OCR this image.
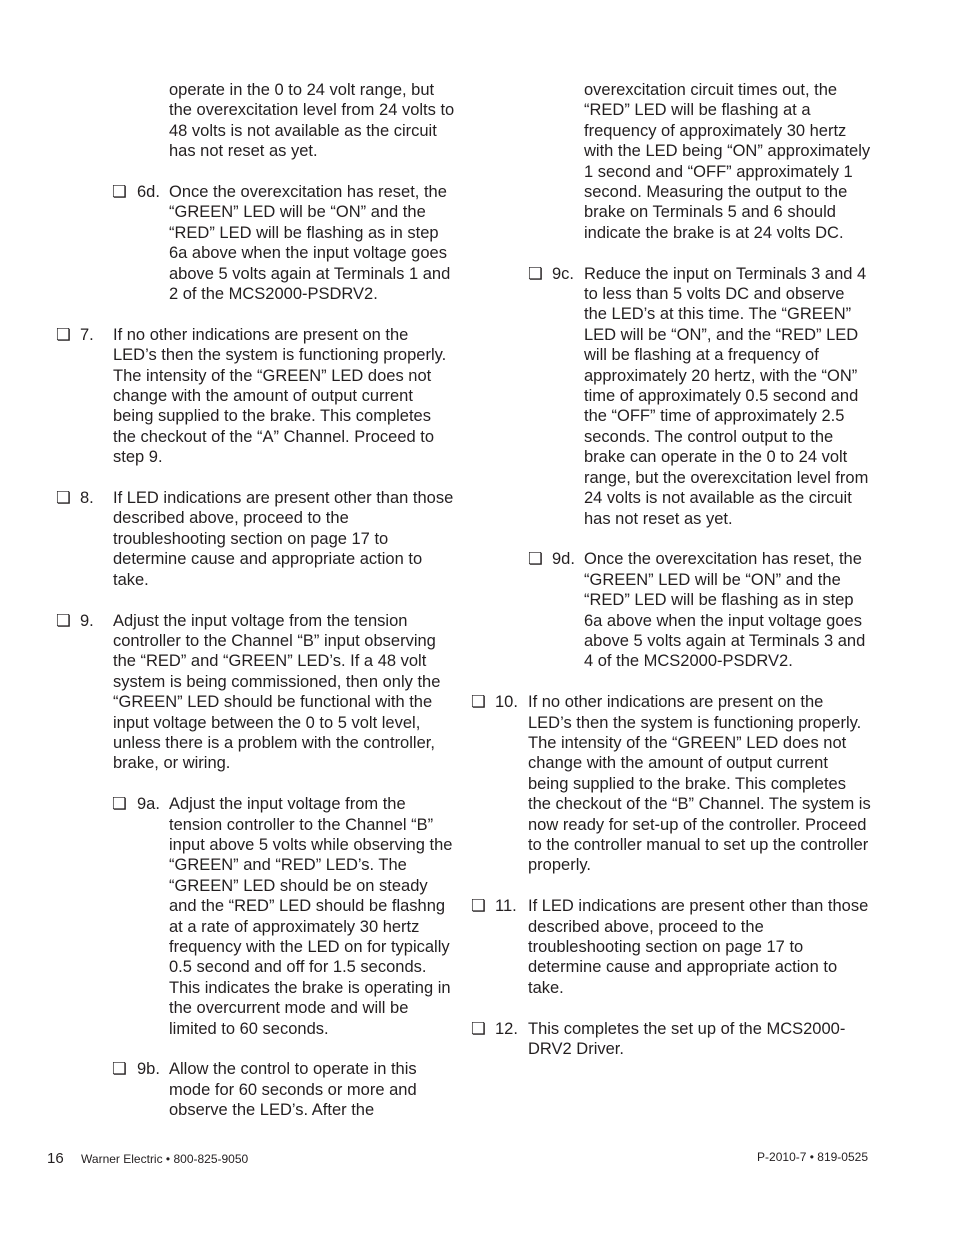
operate in the 0 to 24 volt range, but the overexcitation level from 24 volts to 48 volts is not available as the circuit has not reset as yet.

❏ 6d. Once the overexcitation has reset, the “GREEN” LED will be “ON” and the “RED” LED will be flashing as in step 6a above when the input voltage goes above 5 volts again at Terminals 1 and 2 of the MCS2000-PSDRV2.

❏ 7. If no other indications are present on the LED’s then the system is functioning properly. The intensity of the “GREEN” LED does not change with the amount of output current being supplied to the brake. This completes the checkout of the “A” Channel. Proceed to step 9.

❏ 8. If LED indications are present other than those described above, proceed to the troubleshooting section on page 17 to determine cause and appropriate action to take.

❏ 9. Adjust the input voltage from the tension controller to the Channel “B” input observing the “RED” and “GREEN” LED’s. If a 48 volt system is being commissioned, then only the “GREEN” LED should be functional with the input voltage between the 0 to 5 volt level, unless there is a problem with the controller, brake, or wiring.

❏ 9a. Adjust the input voltage from the tension controller to the Channel “B” input above 5 volts while observing the “GREEN” and “RED” LED’s. The “GREEN” LED should be on steady and the “RED” LED should be flashng at a rate of approximately 30 hertz frequency with the LED on for typically 0.5 second and off for 1.5 seconds. This indicates the brake is operating in the overcurrent mode and will be limited to 60 seconds.

❏ 9b. Allow the control to operate in this mode for 60 seconds or more and observe the LED’s. After the

overexcitation circuit times out, the “RED” LED will be flashing at a frequency of approximately 30 hertz with the LED being “ON” approximately 1 second and “OFF” approximately 1 second. Measuring the output to the brake on Terminals 5 and 6 should indicate the brake is at 24 volts DC.

❏ 9c. Reduce the input on Terminals 3 and 4 to less than 5 volts DC and observe the LED’s at this time. The “GREEN” LED will be “ON”, and the “RED” LED will be flashing at a frequency of approximately 20 hertz, with the “ON” time of approximately 0.5 second and the “OFF” time of approximately 2.5 seconds. The control output to the brake can operate in the 0 to 24 volt range, but the overexcitation level from 24 volts is not available as the circuit has not reset as yet.

❏ 9d. Once the overexcitation has reset, the “GREEN” LED will be “ON” and the “RED” LED will be flashing as in step 6a above when the input voltage goes above 5 volts again at Terminals 3 and 4 of the MCS2000-PSDRV2.

❏ 10. If no other indications are present on the LED’s then the system is functioning properly. The intensity of the “GREEN” LED does not change with the amount of output current being supplied to the brake. This completes the checkout of the “B” Channel. The system is now ready for set-up of the controller. Proceed to the controller manual to set up the controller properly.

❏ 11. If LED indications are present other than those described above, proceed to the troubleshooting section on page 17 to determine cause and appropriate action to take.

❏ 12. This completes the set up of the MCS2000-DRV2 Driver.

16 Warner Electric • 800-825-9050	P-2010-7 • 819-0525
